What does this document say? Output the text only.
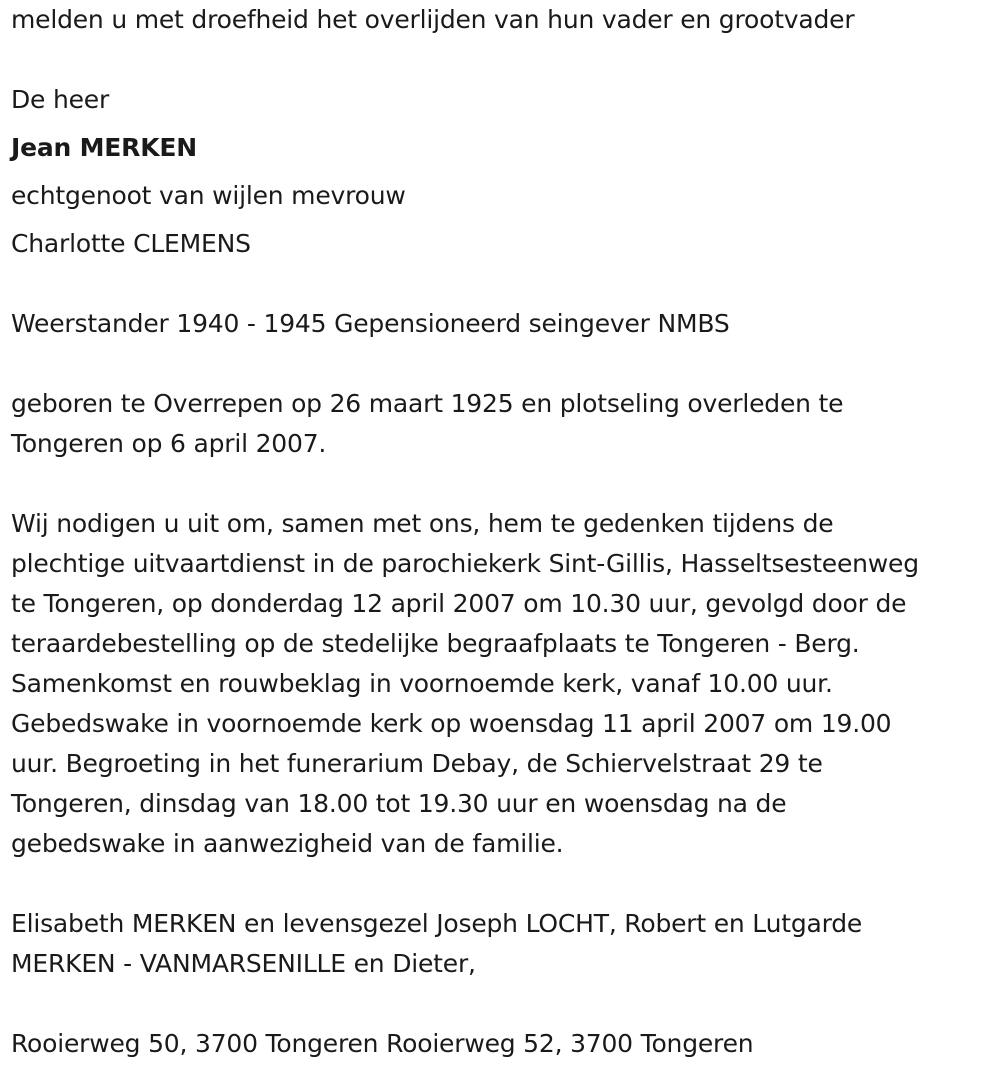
melden u met droefheid het overlijden van hun vader en grootvader
De heer
Jean MERKEN
echtgenoot van wijlen mevrouw
Charlotte CLEMENS
Weerstander 1940 - 1945 Gepensioneerd seingever NMBS
geboren te Overrepen op 26 maart 1925 en plotseling overleden te
Tongeren op 6 april 2007.
Wij nodigen u uit om, samen met ons, hem te gedenken tijdens de
plechtige uitvaartdienst in de parochiekerk Sint-Gillis, Hasseltsesteenweg
te Tongeren, op donderdag 12 april 2007 om 10.30 uur, gevolgd door de
teraardebestelling op de stedelijke begraafplaats te Tongeren - Berg.
Samenkomst en rouwbeklag in voornoemde kerk, vanaf 10.00 uur.
Gebedswake in voornoemde kerk op woensdag 11 april 2007 om 19.00
uur. Begroeting in het funerarium Debay, de Schiervelstraat 29 te
Tongeren, dinsdag van 18.00 tot 19.30 uur en woensdag na de
gebedswake in aanwezigheid van de familie.
Elisabeth MERKEN en levensgezel Joseph LOCHT, Robert en Lutgarde
MERKEN - VANMARSENILLE en Dieter,
Rooierweg 50, 3700 Tongeren Rooierweg 52, 3700 Tongeren
